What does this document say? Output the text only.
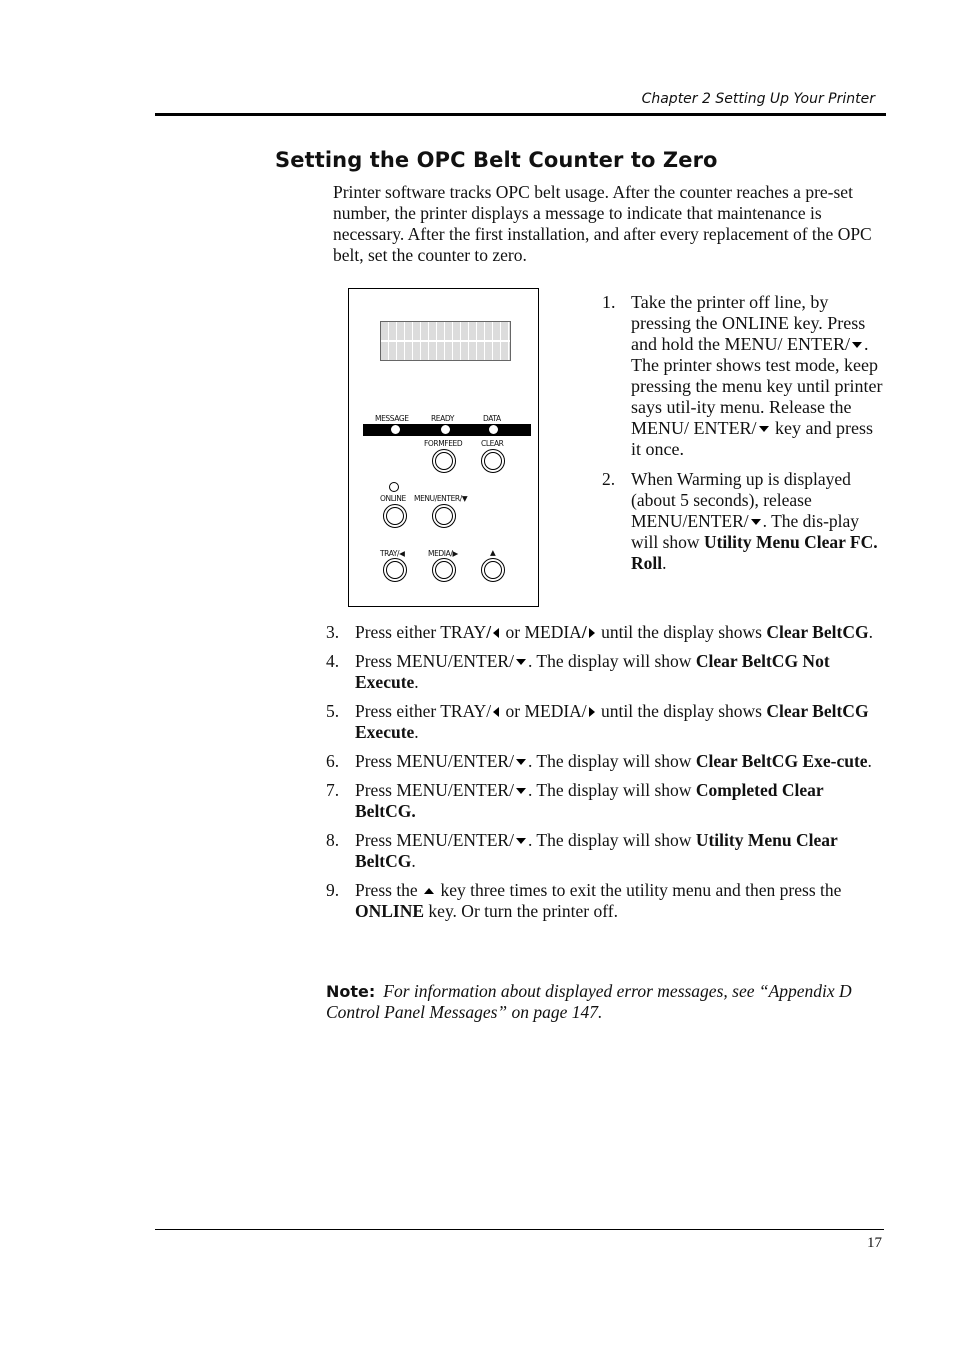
Chapter 2 Setting Up Your Printer
Setting the OPC Belt Counter to Zero

Printer software tracks OPC belt usage. After the counter reaches a pre-set number, the printer displays a message to indicate that maintenance is necessary. After the first installation, and after every replacement of the OPC belt, set the counter to zero.

MESSAGE	READY	DATA
FORMFEED CLEAR
ONLINE MENU/ENTER/▼
TRAY/◀	MEDIA/▶	▲
1. Take the printer off line, by pressing the ONLINE key. Press and hold the MENU/ ENTER/ . The printer shows test mode, keep pressing the menu key until printer says util-ity menu. Release the MENU/ ENTER/ key and press it once.
2. When Warming up is displayed (about 5 seconds), release MENU/ENTER/ . The dis-play will show Utility Menu Clear FC. Roll.
3. Press either TRAY/ or MEDIA/ until the display shows Clear BeltCG.
4. Press MENU/ENTER/ . The display will show Clear BeltCG Not Execute.
5. Press either TRAY/ or MEDIA/ until the display shows Clear BeltCG Execute.
6. Press MENU/ENTER/ . The display will show Clear BeltCG Exe-cute.
7. Press MENU/ENTER/ . The display will show Completed Clear BeltCG.
8. Press MENU/ENTER/ . The display will show Utility Menu Clear BeltCG.
9. Press the  key three times to exit the utility menu and then press the ONLINE key. Or turn the printer off.

Note: For information about displayed error messages, see “Appendix D Control Panel Messages” on page 147.

17
